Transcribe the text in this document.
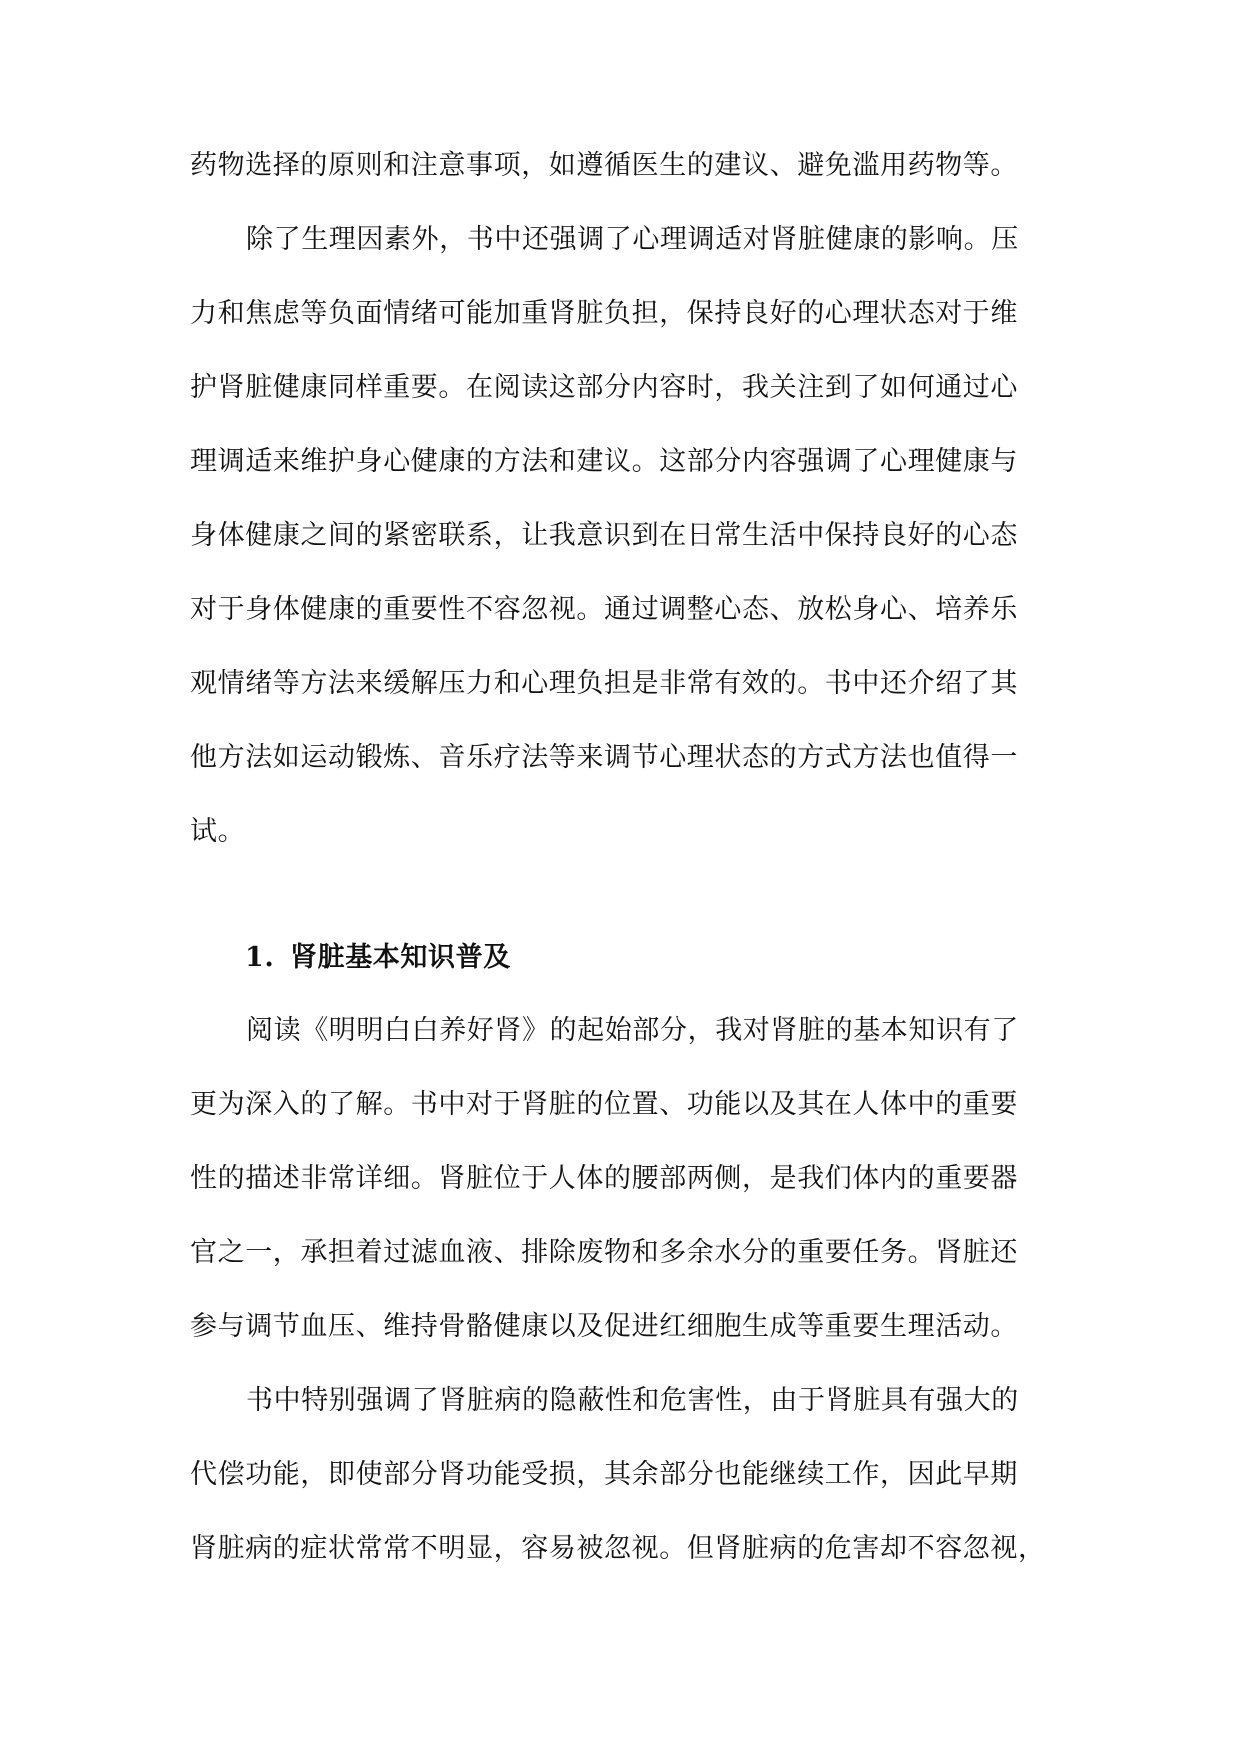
药物选择的原则和注意事项，如遵循医生的建议、避免滥用药物等。
除了生理因素外，书中还强调了心理调适对肾脏健康的影响。压
力和焦虑等负面情绪可能加重肾脏负担，保持良好的心理状态对于维
护肾脏健康同样重要。在阅读这部分内容时，我关注到了如何通过心
理调适来维护身心健康的方法和建议。这部分内容强调了心理健康与
身体健康之间的紧密联系，让我意识到在日常生活中保持良好的心态
对于身体健康的重要性不容忽视。通过调整心态、放松身心、培养乐
观情绪等方法来缓解压力和心理负担是非常有效的。书中还介绍了其
他方法如运动锻炼、音乐疗法等来调节心理状态的方式方法也值得一
试。
1. 肾脏基本知识普及
阅读《明明白白养好肾》的起始部分，我对肾脏的基本知识有了
更为深入的了解。书中对于肾脏的位置、功能以及其在人体中的重要
性的描述非常详细。肾脏位于人体的腰部两侧，是我们体内的重要器
官之一，承担着过滤血液、排除废物和多余水分的重要任务。肾脏还
参与调节血压、维持骨骼健康以及促进红细胞生成等重要生理活动。
书中特别强调了肾脏病的隐蔽性和危害性，由于肾脏具有强大的
代偿功能，即使部分肾功能受损，其余部分也能继续工作，因此早期
肾脏病的症状常常不明显，容易被忽视。但肾脏病的危害却不容忽视，
